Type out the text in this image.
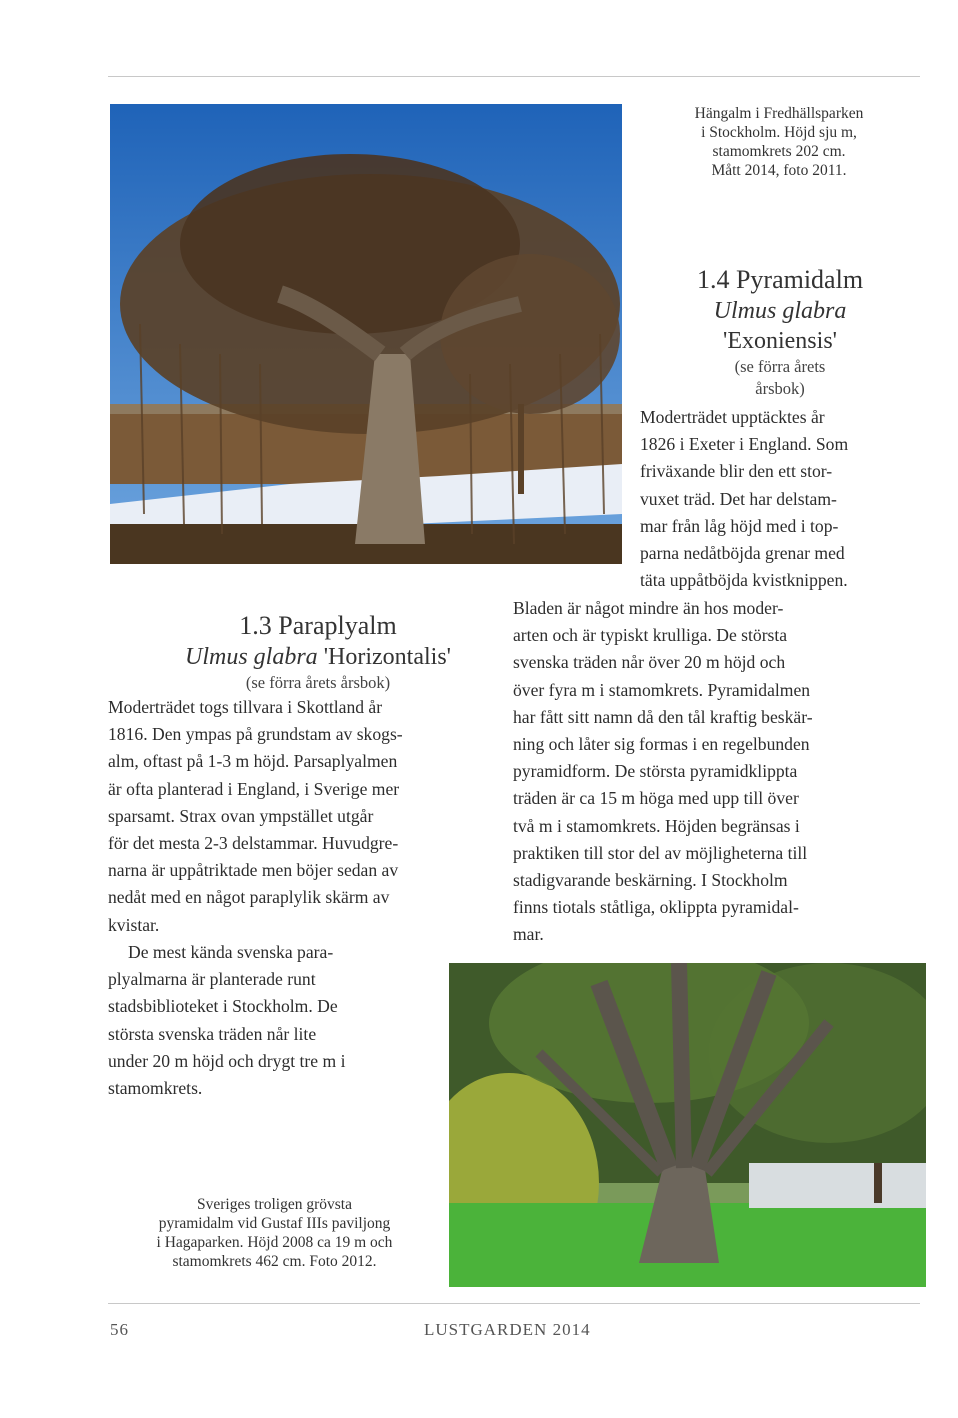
Hängalm i Fredhällsparken
i Stockholm. Höjd sju m,
stamomkrets 202 cm.
Mått 2014, foto 2011.
1.4 Pyramidalm
Ulmus glabra
'Exoniensis'
(se förra årets
årsbok)
Moderträdet upptäcktes år
1826 i Exeter i England. Som
friväxande blir den ett stor-
vuxet träd. Det har delstam-
mar från låg höjd med i top-
parna nedåtböjda grenar med
täta uppåtböjda kvistknippen.
Bladen är något mindre än hos moder-
arten och är typiskt krulliga. De största
svenska träden når över 20 m höjd och
över fyra m i stamomkrets. Pyramidalmen
har fått sitt namn då den tål kraftig beskär-
ning och låter sig formas i en regelbunden
pyramidform. De största pyramidklippta
träden är ca 15 m höga med upp till över
två m i stamomkrets. Höjden begränsas i
praktiken till stor del av möjligheterna till
stadigvarande beskärning. I Stockholm
finns tiotals ståtliga, oklippta pyramidal-
mar.
1.3 Paraplyalm
Ulmus glabra 'Horizontalis'
(se förra årets årsbok)
Moderträdet togs tillvara i Skottland år
1816. Den ympas på grundstam av skogs-
alm, oftast på 1-3 m höjd. Parsaplyalmen
är ofta planterad i England, i Sverige mer
sparsamt. Strax ovan ympstället utgår
för det mesta 2-3 delstammar. Huvudgre-
narna är uppåtriktade men böjer sedan av
nedåt med en något paraplylik skärm av
kvistar.
De mest kända svenska para-
plyalmarna är planterade runt
stadsbiblioteket i Stockholm. De
största svenska träden når lite
under 20 m höjd och drygt tre m i
stamomkrets.
Sveriges troligen grövsta
pyramidalm vid Gustaf IIIs paviljong
i Hagaparken. Höjd 2008 ca 19 m och
stamomkrets 462 cm. Foto 2012.
56	LUSTGARDEN 2014
